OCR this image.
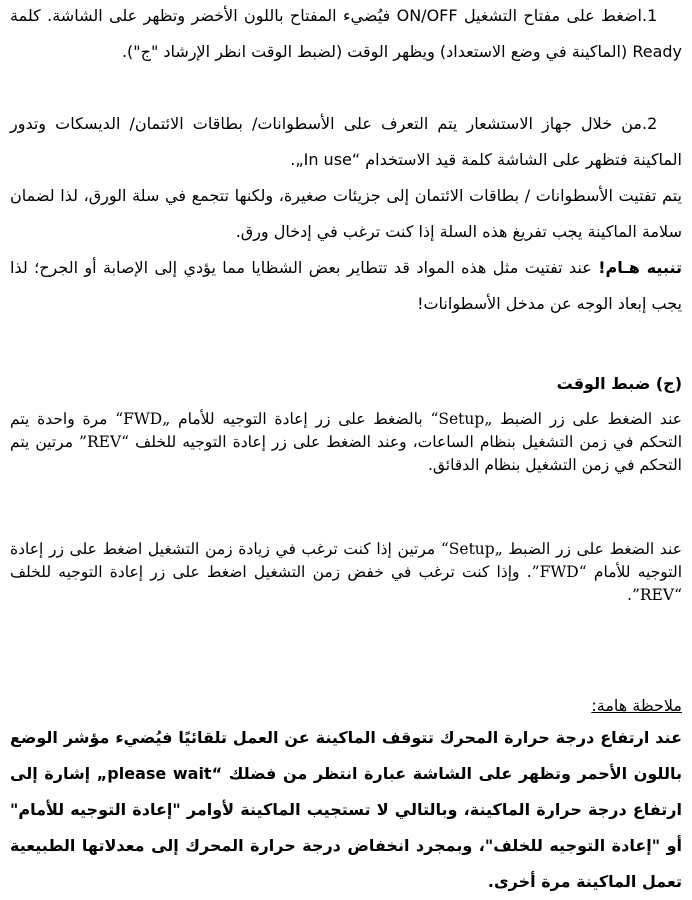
1.اضغط على مفتاح التشغيل ON/OFF فيُضيء المفتاح باللون الأخضر وتظهر على الشاشة. كلمة Ready (الماكينة في وضع الاستعداد) ويظهر الوقت (لضبط الوقت انظر الإرشاد "ج").

2.من خلال جهاز الاستشعار يتم التعرف على الأسطوانات/ بطاقات الائتمان/ الديسكات وتدور الماكينة فتظهر على الشاشة كلمة قيد الاستخدام “In use„.

يتم تفتيت الأسطوانات / بطاقات الائتمان إلى جزيئات صغيرة، ولكنها تتجمع في سلة الورق، لذا لضمان سلامة الماكينة يجب تفريغ هذه السلة إذا كنت ترغب في إدخال ورق.

تنبيه هـام! عند تفتيت مثل هذه المواد قد تتطاير بعض الشظايا مما يؤدي إلى الإصابة أو الجرح؛ لذا يجب إبعاد الوجه عن مدخل الأسطوانات!

(ج) ضبط الوقت

عند الضغط على زر الضبط „Setup“ بالضغط على زر إعادة التوجيه للأمام „FWD“ مرة واحدة يتم التحكم في زمن التشغيل بنظام الساعات، وعند الضغط على زر إعادة التوجيه للخلف “REV” مرتين يتم التحكم في زمن التشغيل بنظام الدقائق.

عند الضغط على زر الضبط „Setup“ مرتين إذا كنت ترغب في زيادة زمن التشغيل اضغط على زر إعادة التوجيه للأمام “FWD”. وإذا كنت ترغب في خفض زمن التشغيل اضغط على زر إعادة التوجيه للخلف “REV”.

ملاحظة هامة:

عند ارتفاع درجة حرارة المحرك تتوقف الماكينة عن العمل تلقائيًا فيُضيء مؤشر الوضع باللون الأحمر وتظهر على الشاشة عبارة انتظر من فضلك “please wait„ إشارة إلى ارتفاع درجة حرارة الماكينة، وبالتالي لا تستجيب الماكينة لأوامر "إعادة التوجيه للأمام" أو "إعادة التوجيه للخلف"، وبمجرد انخفاض درجة حرارة المحرك إلى معدلاتها الطبيعية تعمل الماكينة مرة أخرى.
